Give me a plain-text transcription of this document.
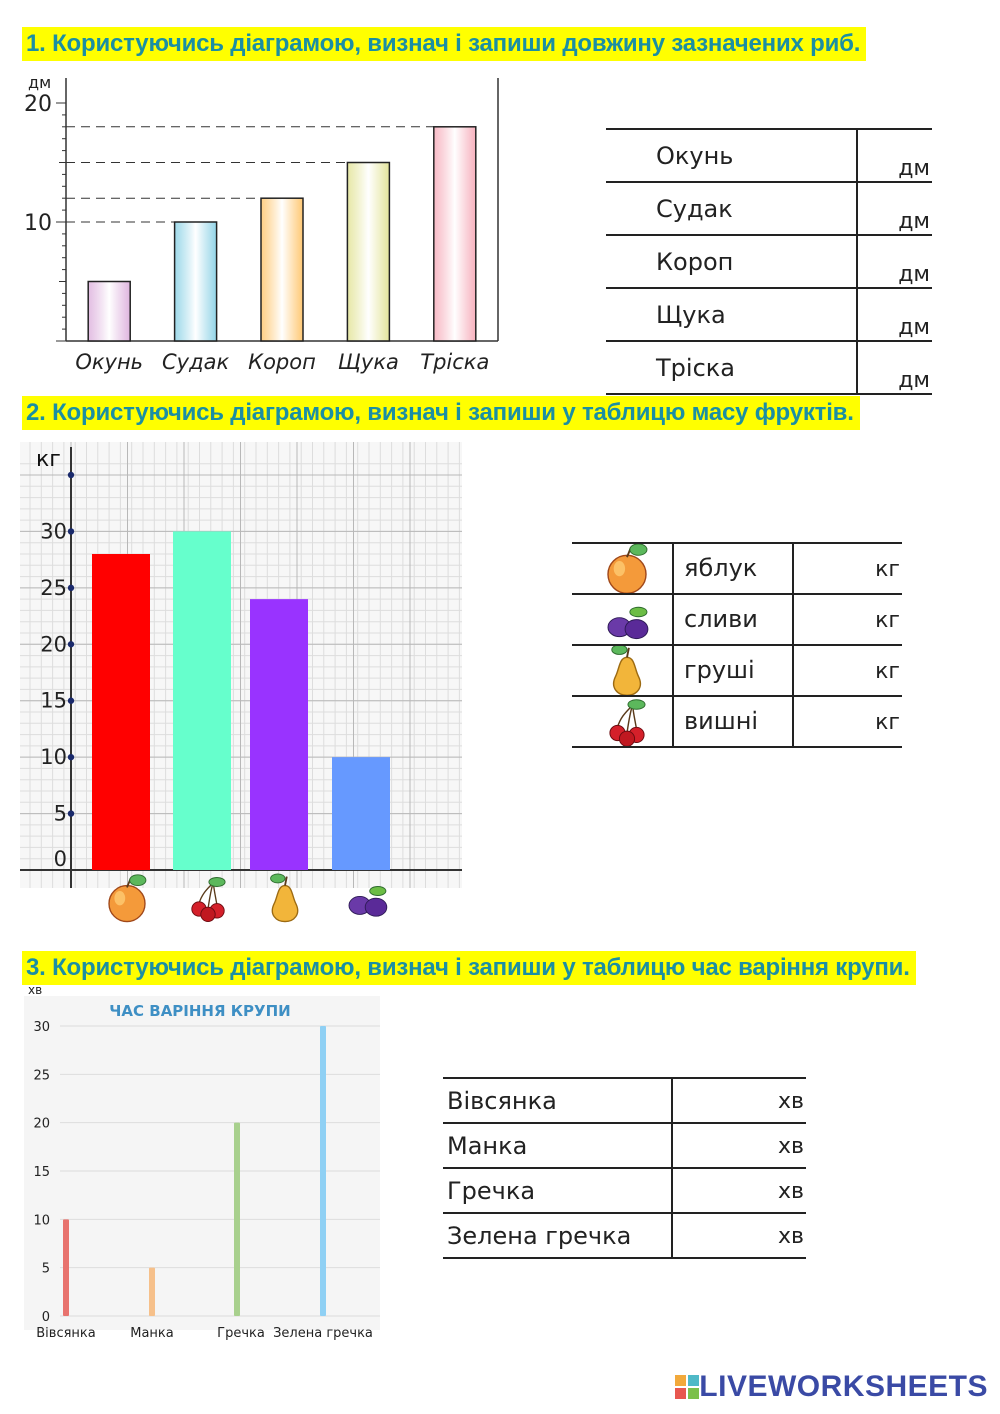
1. Користуючись діаграмою, визнач і запиши довжину зазначених риб.
дм
10
20
Окунь Судак Короп Щука Тріска
Окунь	дм
Судак	дм
Короп	дм
Щука	дм
Тріска	дм
2. Користуючись діаграмою, визнач і запиши у таблицю масу фруктів.
кг
0
5
10
15
20
25
30
яблук	кг

сливи	кг

груші	кг

вишні	кг
3. Користуючись діаграмою, визнач і запиши у таблицю час варіння крупи.
хв
ЧАС ВАРІННЯ КРУПИ
0
5
10
15
20
25
30
Вівсянка	Манка	Гречка Зелена гречка
Вівсянка	хв
Манка	хв
Гречка	хв
Зелена гречка	хв
LIVEWORKSHEETS
